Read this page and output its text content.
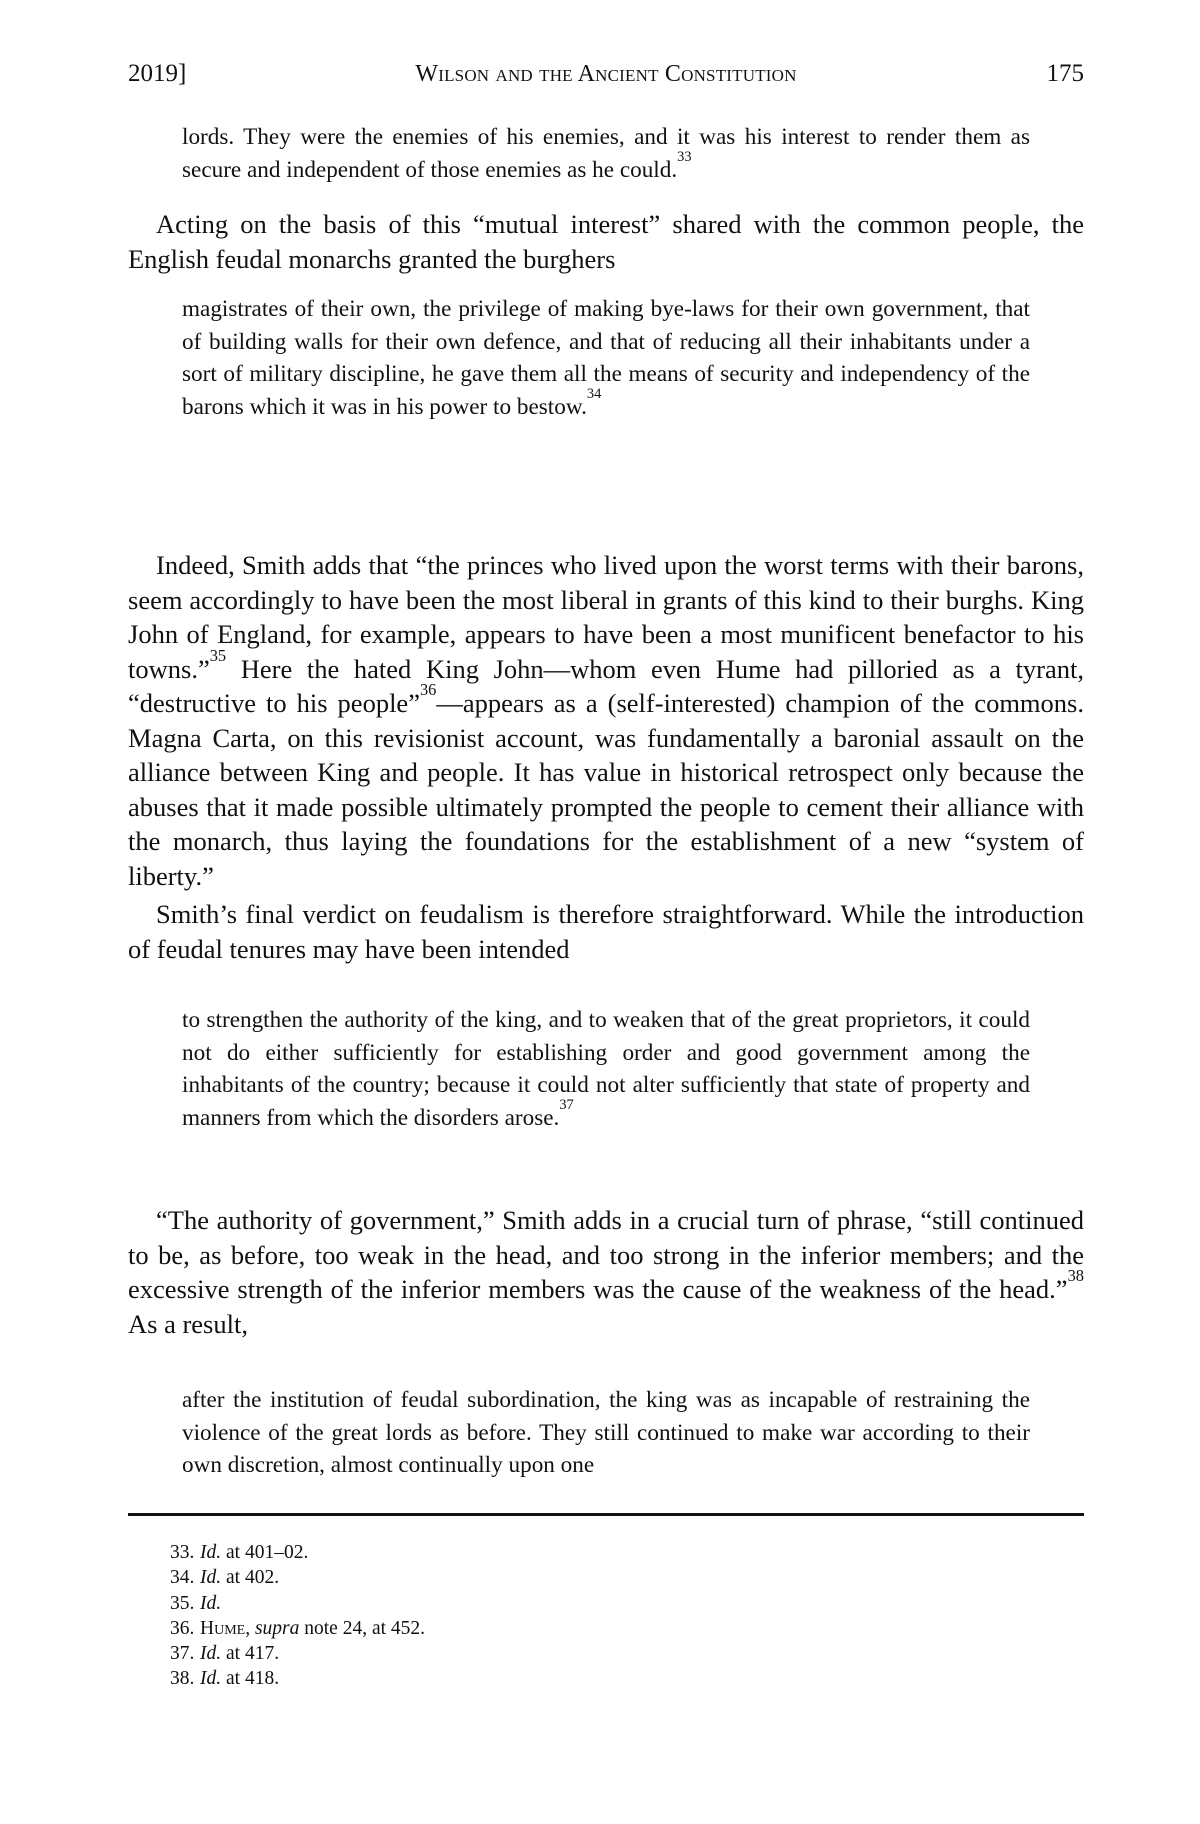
2019]	Wilson and the Ancient Constitution	175

lords. They were the enemies of his enemies, and it was his interest to render them as secure and independent of those enemies as he could.$^{33}$

Acting on the basis of this “mutual interest” shared with the common people, the English feudal monarchs granted the burghers

magistrates of their own, the privilege of making bye-laws for their own government, that of building walls for their own defence, and that of reducing all their inhabitants under a sort of military discipline, he gave them all the means of security and independency of the barons which it was in his power to bestow.$^{34}$

Indeed, Smith adds that “the princes who lived upon the worst terms with their barons, seem accordingly to have been the most liberal in grants of this kind to their burghs. King John of England, for example, appears to have been a most munificent benefactor to his towns.”$^{35}$ Here the hated King John—whom even Hume had pilloried as a tyrant, “destructive to his people”$^{36}$—appears as a (self-interested) champion of the commons. Magna Carta, on this revisionist account, was fundamentally a baronial assault on the alliance between King and people. It has value in historical retrospect only because the abuses that it made possible ultimately prompted the people to cement their alliance with the monarch, thus laying the foundations for the establishment of a new “system of liberty.”

Smith’s final verdict on feudalism is therefore straightforward. While the introduction of feudal tenures may have been intended

to strengthen the authority of the king, and to weaken that of the great proprietors, it could not do either sufficiently for establishing order and good government among the inhabitants of the country; because it could not alter sufficiently that state of property and manners from which the disorders arose.$^{37}$

“The authority of government,” Smith adds in a crucial turn of phrase, “still continued to be, as before, too weak in the head, and too strong in the inferior members; and the excessive strength of the inferior members was the cause of the weakness of the head.”$^{38}$ As a result,

after the institution of feudal subordination, the king was as incapable of restraining the violence of the great lords as before. They still continued to make war according to their own discretion, almost continually upon one

33. Id. at 401–02.
34. Id. at 402.
35. Id.
36. Hume, supra note 24, at 452.
37. Id. at 417.
38. Id. at 418.
